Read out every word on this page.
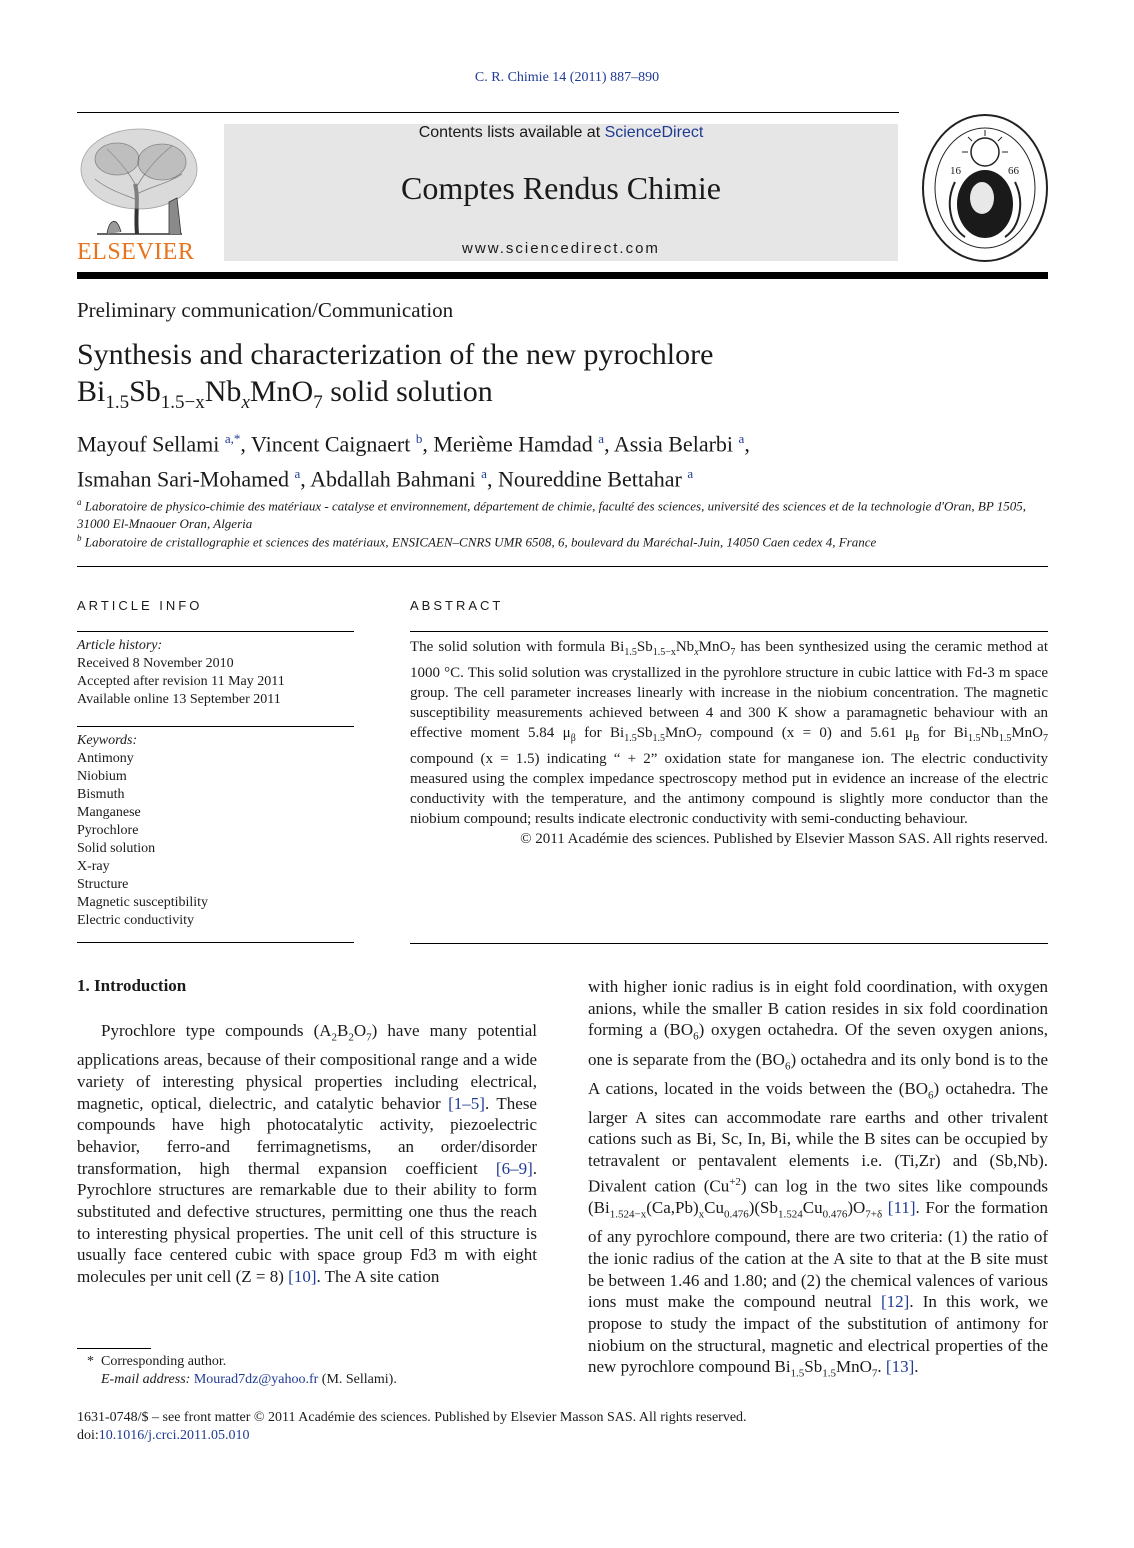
C. R. Chimie 14 (2011) 887–890
ELSEVIER
Contents lists available at ScienceDirect
Comptes Rendus Chimie
www.sciencedirect.com
16	66
Preliminary communication/Communication
Synthesis and characterization of the new pyrochlore
$Bi_{1.5}Sb_{1.5-x}Nb_xMnO_7$ solid solution
Mayouf Sellami $^{a,*}$, Vincent Caignaert $^b$, Merième Hamdad $^a$, Assia Belarbi $^a$,
Ismahan Sari-Mohamed $^a$, Abdallah Bahmani $^a$, Noureddine Bettahar $^a$
$^a$ Laboratoire de physico-chimie des matériaux - catalyse et environnement, département de chimie, faculté des sciences, université des sciences et de la technologie d'Oran, BP 1505, 31000 El-Mnaouer Oran, Algeria
$^b$ Laboratoire de cristallographie et sciences des matériaux, ENSICAEN–CNRS UMR 6508, 6, boulevard du Maréchal-Juin, 14050 Caen cedex 4, France
ARTICLE INFO
Article history:
Received 8 November 2010
Accepted after revision 11 May 2011
Available online 13 September 2011
Keywords:
Antimony
Niobium
Bismuth
Manganese
Pyrochlore
Solid solution
X-ray
Structure
Magnetic susceptibility
Electric conductivity
ABSTRACT
The solid solution with formula $Bi_{1.5}Sb_{1.5-x}Nb_xMnO_7$ has been synthesized using the ceramic method at 1000 °C. This solid solution was crystallized in the pyrohlore structure in cubic lattice with Fd-3 m space group. The cell parameter increases linearly with increase in the niobium concentration. The magnetic susceptibility measurements achieved between 4 and 300 K show a paramagnetic behaviour with an effective moment 5.84 $\mu_\beta$ for $Bi_{1.5}Sb_{1.5}MnO_7$ compound (x = 0) and 5.61 $\mu_B$ for $Bi_{1.5}Nb_{1.5}MnO_7$ compound (x = 1.5) indicating “ + 2” oxidation state for manganese ion. The electric conductivity measured using the complex impedance spectroscopy method put in evidence an increase of the electric conductivity with the temperature, and the antimony compound is slightly more conductor than the niobium compound; results indicate electronic conductivity with semi-conducting behaviour.
© 2011 Académie des sciences. Published by Elsevier Masson SAS. All rights reserved.
1. Introduction
Pyrochlore type compounds $(A_2B_2O_7)$ have many potential applications areas, because of their compositional range and a wide variety of interesting physical properties including electrical, magnetic, optical, dielectric, and catalytic behavior [1–5]. These compounds have high photocatalytic activity, piezoelectric behavior, ferro-and ferrimagnetisms, an order/disorder transformation, high thermal expansion coefficient [6–9]. Pyrochlore structures are remarkable due to their ability to form substituted and defective structures, permitting one thus the reach to interesting physical properties. The unit cell of this structure is usually face centered cubic with space group Fd3 m with eight molecules per unit cell (Z = 8) [10]. The A site cation
with higher ionic radius is in eight fold coordination, with oxygen anions, while the smaller B cation resides in six fold coordination forming a $(BO_6)$ oxygen octahedra. Of the seven oxygen anions, one is separate from the $(BO_6)$ octahedra and its only bond is to the A cations, located in the voids between the $(BO_6)$ octahedra. The larger A sites can accommodate rare earths and other trivalent cations such as Bi, Sc, In, Bi, while the B sites can be occupied by tetravalent or pentavalent elements i.e. (Ti,Zr) and (Sb,Nb). Divalent cation $(Cu^{+2})$ can log in the two sites like compounds $(Bi_{1.524-x}(Ca,Pb)_xCu_{0.476})(Sb_{1.524}Cu_{0.476})O_{7+\delta}$ [11]. For the formation of any pyrochlore compound, there are two criteria: (1) the ratio of the ionic radius of the cation at the A site to that at the B site must be between 1.46 and 1.80; and (2) the chemical valences of various ions must make the compound neutral [12]. In this work, we propose to study the impact of the substitution of antimony for niobium on the structural, magnetic and electrical properties of the new pyrochlore compound $Bi_{1.5}Sb_{1.5}MnO_7$. [13].
* Corresponding author.
E-mail address: Mourad7dz@yahoo.fr (M. Sellami).
1631-0748/$ – see front matter © 2011 Académie des sciences. Published by Elsevier Masson SAS. All rights reserved.
doi:10.1016/j.crci.2011.05.010
